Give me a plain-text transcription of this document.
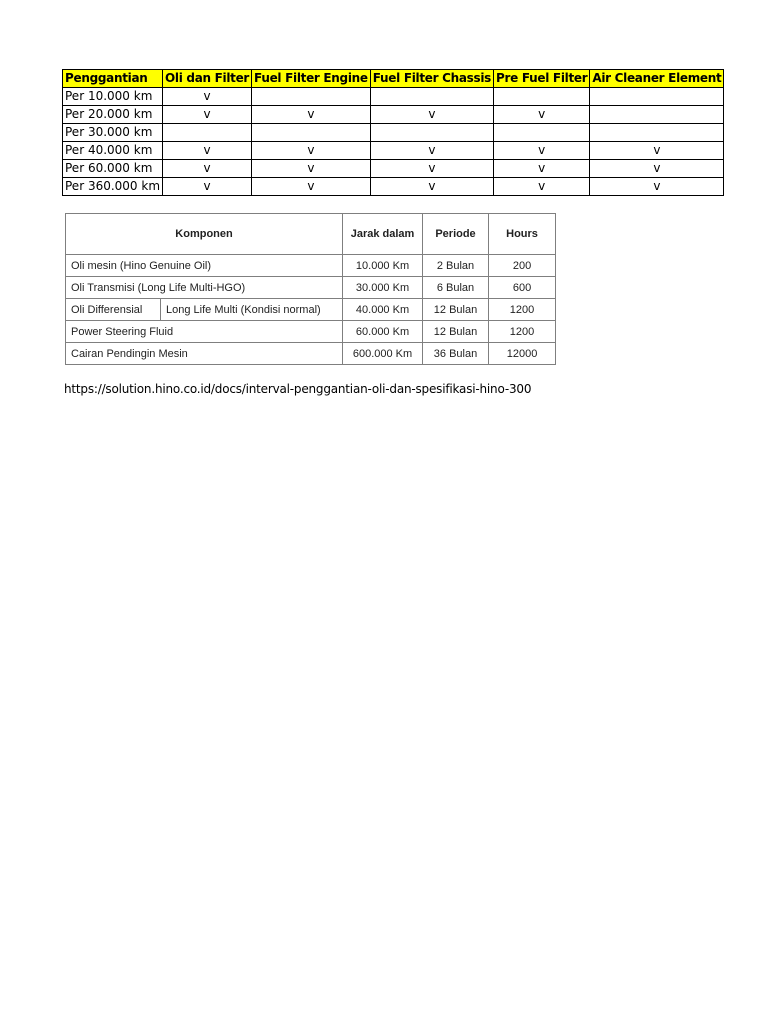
Penggantian	Oli dan Filter	Fuel Filter Engine	Fuel Filter Chassis	Pre Fuel Filter	Air Cleaner Element
Per 10.000 km	v				
Per 20.000 km	v	v	v	v	
Per 30.000 km					
Per 40.000 km	v	v	v	v	v
Per 60.000 km	v	v	v	v	v
Per 360.000 km	v	v	v	v	v
Komponen		Jarak dalam	Periode	Hours
Oli mesin (Hino Genuine Oil)		10.000 Km	2 Bulan	200
Oli Transmisi (Long Life Multi-HGO)		30.000 Km	6 Bulan	600
Oli Differensial	Long Life Multi (Kondisi normal)	40.000 Km	12 Bulan	1200
Power Steering Fluid		60.000 Km	12 Bulan	1200
Cairan Pendingin Mesin		600.000 Km	36 Bulan	12000
https://solution.hino.co.id/docs/interval-penggantian-oli-dan-spesifikasi-hino-300
